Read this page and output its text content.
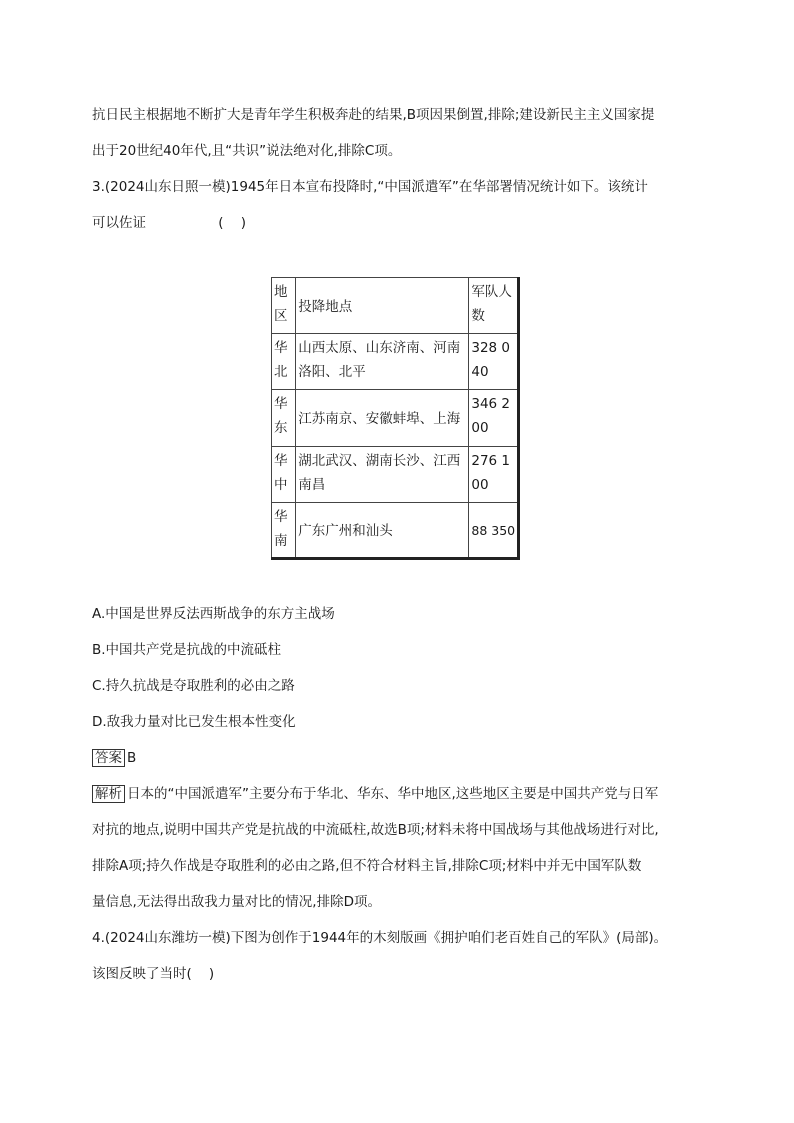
抗日民主根据地不断扩大是青年学生积极奔赴的结果,B项因果倒置,排除;建设新民主主义国家提
出于20世纪40年代,且“共识”说法绝对化,排除C项。
3.(2024山东日照一模)1945年日本宣布投降时,“中国派遣军”在华部署情况统计如下。该统计
可以佐证	(    )
地区	投降地点	军队人数
华北	山西太原、山东济南、河南洛阳、北平	328 040
华东	江苏南京、安徽蚌埠、上海	346 200
华中	湖北武汉、湖南长沙、江西南昌	276 100
华南	广东广州和汕头	88 350
A.中国是世界反法西斯战争的东方主战场
B.中国共产党是抗战的中流砥柱
C.持久抗战是夺取胜利的必由之路
D.敌我力量对比已发生根本性变化
答案 B
解析 日本的“中国派遣军”主要分布于华北、华东、华中地区,这些地区主要是中国共产党与日军
对抗的地点,说明中国共产党是抗战的中流砥柱,故选B项;材料未将中国战场与其他战场进行对比,
排除A项;持久作战是夺取胜利的必由之路,但不符合材料主旨,排除C项;材料中并无中国军队数
量信息,无法得出敌我力量对比的情况,排除D项。
4.(2024山东潍坊一模)下图为创作于1944年的木刻版画《拥护咱们老百姓自己的军队》(局部)。
该图反映了当时(    )
